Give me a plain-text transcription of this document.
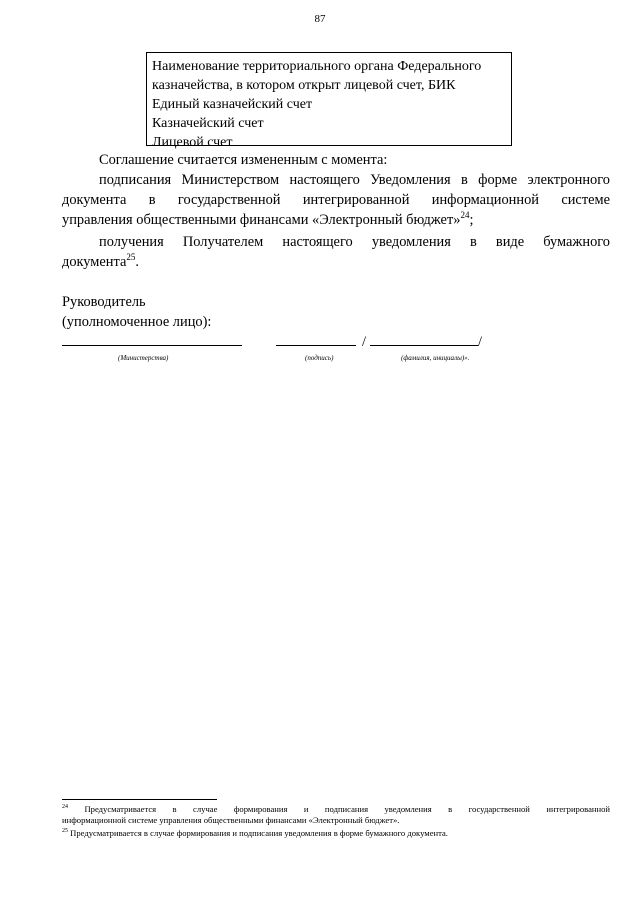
87
Наименование территориального органа Федерального
казначейства, в котором открыт лицевой счет, БИК
Единый казначейский счет
Казначейский счет
Лицевой счет
Соглашение считается измененным с момента:
подписания Министерством настоящего Уведомления в форме электронного
документа в государственной интегрированной информационной системе
управления общественными финансами «Электронный бюджет»$^{24}$;
получения Получателем настоящего уведомления в виде бумажного
документа$^{25}$.
Руководитель
(уполномоченное лицо):
/	/
(Министерства)	(подпись)	(фамилия, инициалы)».
$^{24}$ Предусматривается в случае формирования и подписания уведомления в государственной интегрированной
информационной системе управления общественными финансами «Электронный бюджет».
$^{25}$ Предусматривается в случае формирования и подписания уведомления в форме бумажного документа.
